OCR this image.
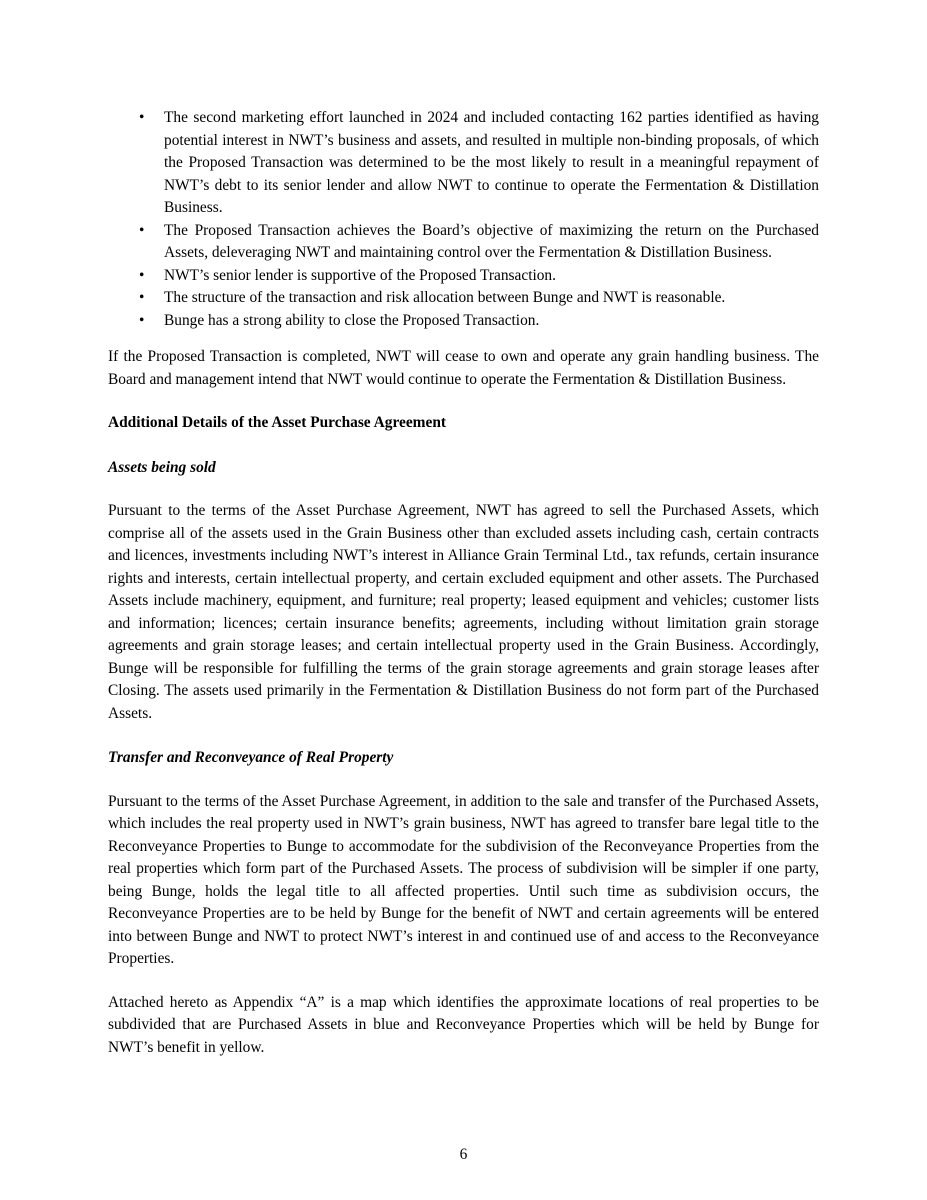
• The second marketing effort launched in 2024 and included contacting 162 parties identified as having potential interest in NWT’s business and assets, and resulted in multiple non-binding proposals, of which the Proposed Transaction was determined to be the most likely to result in a meaningful repayment of NWT’s debt to its senior lender and allow NWT to continue to operate the Fermentation & Distillation Business.
• The Proposed Transaction achieves the Board’s objective of maximizing the return on the Purchased Assets, deleveraging NWT and maintaining control over the Fermentation & Distillation Business.
• NWT’s senior lender is supportive of the Proposed Transaction.
• The structure of the transaction and risk allocation between Bunge and NWT is reasonable.
• Bunge has a strong ability to close the Proposed Transaction.

If the Proposed Transaction is completed, NWT will cease to own and operate any grain handling business. The Board and management intend that NWT would continue to operate the Fermentation & Distillation Business.

Additional Details of the Asset Purchase Agreement

Assets being sold

Pursuant to the terms of the Asset Purchase Agreement, NWT has agreed to sell the Purchased Assets, which comprise all of the assets used in the Grain Business other than excluded assets including cash, certain contracts and licences, investments including NWT’s interest in Alliance Grain Terminal Ltd., tax refunds, certain insurance rights and interests, certain intellectual property, and certain excluded equipment and other assets. The Purchased Assets include machinery, equipment, and furniture; real property; leased equipment and vehicles; customer lists and information; licences; certain insurance benefits; agreements, including without limitation grain storage agreements and grain storage leases; and certain intellectual property used in the Grain Business. Accordingly, Bunge will be responsible for fulfilling the terms of the grain storage agreements and grain storage leases after Closing. The assets used primarily in the Fermentation & Distillation Business do not form part of the Purchased Assets.

Transfer and Reconveyance of Real Property

Pursuant to the terms of the Asset Purchase Agreement, in addition to the sale and transfer of the Purchased Assets, which includes the real property used in NWT’s grain business, NWT has agreed to transfer bare legal title to the Reconveyance Properties to Bunge to accommodate for the subdivision of the Reconveyance Properties from the real properties which form part of the Purchased Assets. The process of subdivision will be simpler if one party, being Bunge, holds the legal title to all affected properties. Until such time as subdivision occurs, the Reconveyance Properties are to be held by Bunge for the benefit of NWT and certain agreements will be entered into between Bunge and NWT to protect NWT’s interest in and continued use of and access to the Reconveyance Properties.

Attached hereto as Appendix “A” is a map which identifies the approximate locations of real properties to be subdivided that are Purchased Assets in blue and Reconveyance Properties which will be held by Bunge for NWT’s benefit in yellow.

6
